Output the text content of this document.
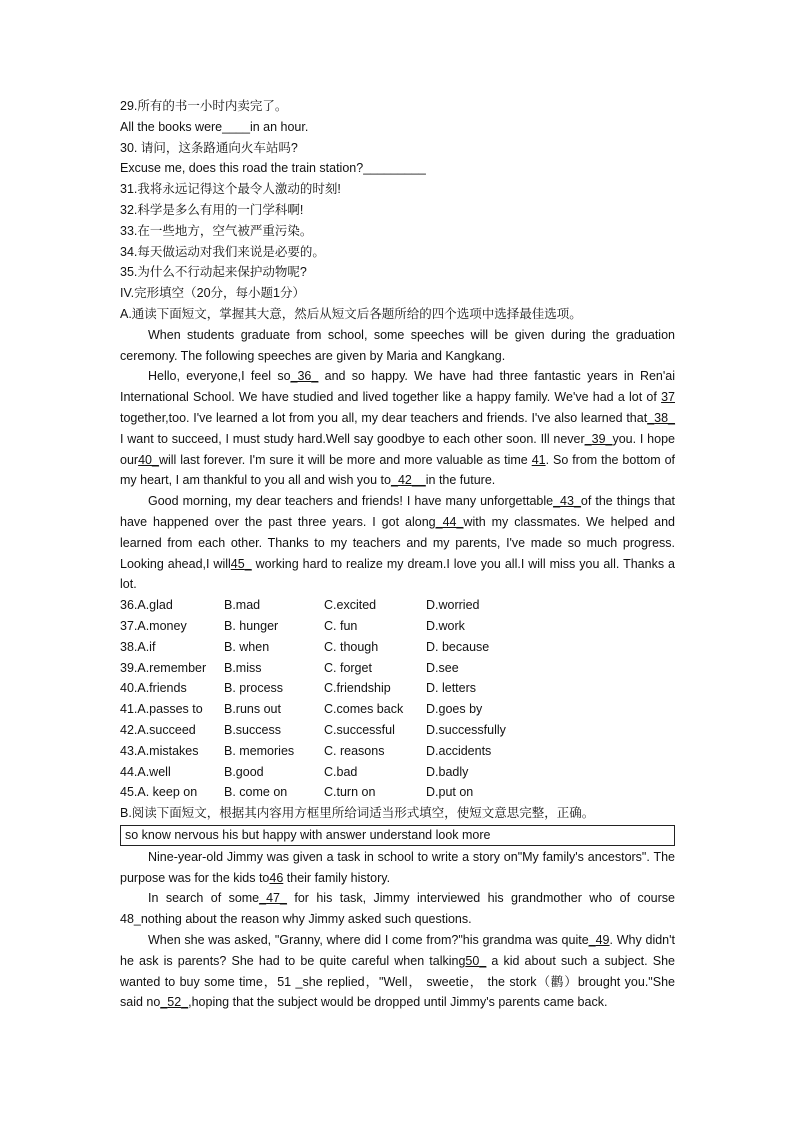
29.所有的书一小时内卖完了。
All the books were____in an hour.
30. 请问，这条路通向火车站吗?
Excuse me, does this road the train station?_________
31.我将永远记得这个最令人激动的时刻!
32.科学是多么有用的一门学科啊!
33.在一些地方，空气被严重污染。
34.每天做运动对我们来说是必要的。
35.为什么不行动起来保护动物呢?
IV.完形填空（20分，每小题1分）
A.通读下面短文，掌握其大意，然后从短文后各题所给的四个选项中选择最佳选项。
When students graduate from school, some speeches will be given during the graduation ceremony. The following speeches are given by Maria and Kangkang.
Hello, everyone,I feel so_36_ and so happy. We have had three fantastic years in Ren'ai International School. We have studied and lived together like a happy family. We've had a lot of 37 together,too. I've learned a lot from you all, my dear teachers and friends. I've also learned that_38_ I want to succeed, I must study hard.Well say goodbye to each other soon. Ill never_39_you. I hope our40_will last forever. I'm sure it will be more and more valuable as time 41. So from the bottom of my heart, I am thankful to you all and wish you to_42__in the future.
Good morning, my dear teachers and friends! I have many unforgettable_43_of the things that have happened over the past three years. I got along_44_with my classmates. We helped and learned from each other. Thanks to my teachers and my parents, I've made so much progress. Looking ahead,I will45_ working hard to realize my dream.I love you all.I will miss you all. Thanks a lot.
36.A.glad	B.mad	C.excited	D.worried
37.A.money	B. hunger	C. fun	D.work
38.A.if	B. when	C. though	D. because
39.A.remember	B.miss	C. forget	D.see
40.A.friends	B. process	C.friendship	D. letters
41.A.passes to	B.runs out	C.comes back	D.goes by
42.A.succeed	B.success	C.successful	D.successfully
43.A.mistakes	B. memories	C. reasons	D.accidents
44.A.well	B.good	C.bad	D.badly
45.A. keep on	B. come on	C.turn on	D.put on
B.阅读下面短文，根据其内容用方框里所给词适当形式填空，使短文意思完整，正确。
so know nervous his but happy with answer understand look more
Nine-year-old Jimmy was given a task in school to write a story on"My family's ancestors". The purpose was for the kids to46 their family history.
In search of some_47_ for his task, Jimmy interviewed his grandmother who of course 48_nothing about the reason why Jimmy asked such questions.
When she was asked, "Granny, where did I come from?"his grandma was quite_49. Why didn't he ask is parents? She had to be quite careful when talking50_ a kid about such a subject. She wanted to buy some time，51 _she replied，"Well， sweetie， the stork（鹳）brought you."She said no_52_,hoping that the subject would be dropped until Jimmy's parents came back.
